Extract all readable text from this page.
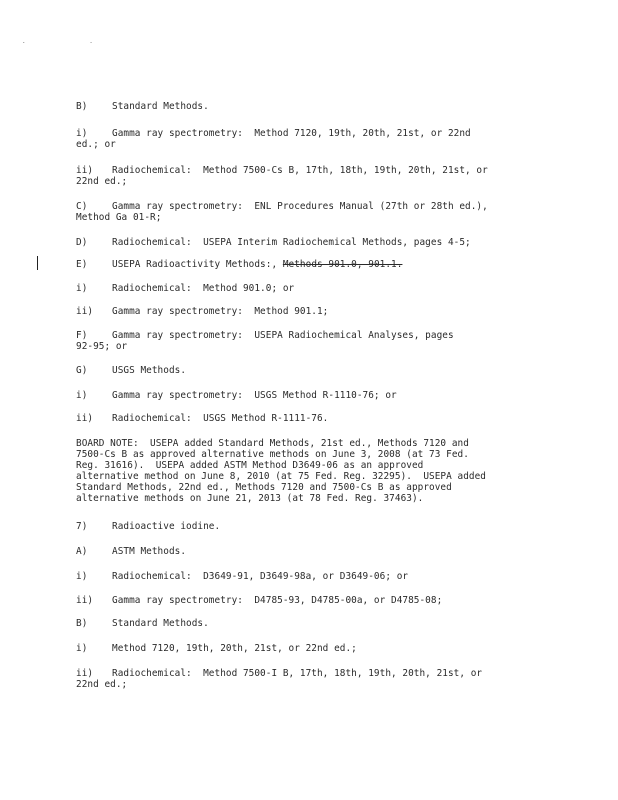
. .
B)	Standard Methods.
i)	Gamma ray spectrometry:  Method 7120, 19th, 20th, 21st, or 22nd
ed.; or
ii) Radiochemical:  Method 7500-Cs B, 17th, 18th, 19th, 20th, 21st, or
22nd ed.;
C)	Gamma ray spectrometry:  ENL Procedures Manual (27th or 28th ed.),
Method Ga 01-R;
D)	Radiochemical:  USEPA Interim Radiochemical Methods, pages 4-5;
E)	USEPA Radioactivity Methods:, Methods 901.0, 901.1.
i)	Radiochemical:  Method 901.0; or
ii) Gamma ray spectrometry:  Method 901.1;
F)	Gamma ray spectrometry:  USEPA Radiochemical Analyses, pages
92-95; or
G)	USGS Methods.
i)	Gamma ray spectrometry:  USGS Method R-1110-76; or
ii) Radiochemical:  USGS Method R-1111-76.
BOARD NOTE:  USEPA added Standard Methods, 21st ed., Methods 7120 and
7500-Cs B as approved alternative methods on June 3, 2008 (at 73 Fed.
Reg. 31616).  USEPA added ASTM Method D3649-06 as an approved
alternative method on June 8, 2010 (at 75 Fed. Reg. 32295).  USEPA added
Standard Methods, 22nd ed., Methods 7120 and 7500-Cs B as approved
alternative methods on June 21, 2013 (at 78 Fed. Reg. 37463).
7)	Radioactive iodine.
A)	ASTM Methods.
i)	Radiochemical:  D3649-91, D3649-98a, or D3649-06; or
ii) Gamma ray spectrometry:  D4785-93, D4785-00a, or D4785-08;
B)	Standard Methods.
i)	Method 7120, 19th, 20th, 21st, or 22nd ed.;
ii) Radiochemical:  Method 7500-I B, 17th, 18th, 19th, 20th, 21st, or
22nd ed.;
